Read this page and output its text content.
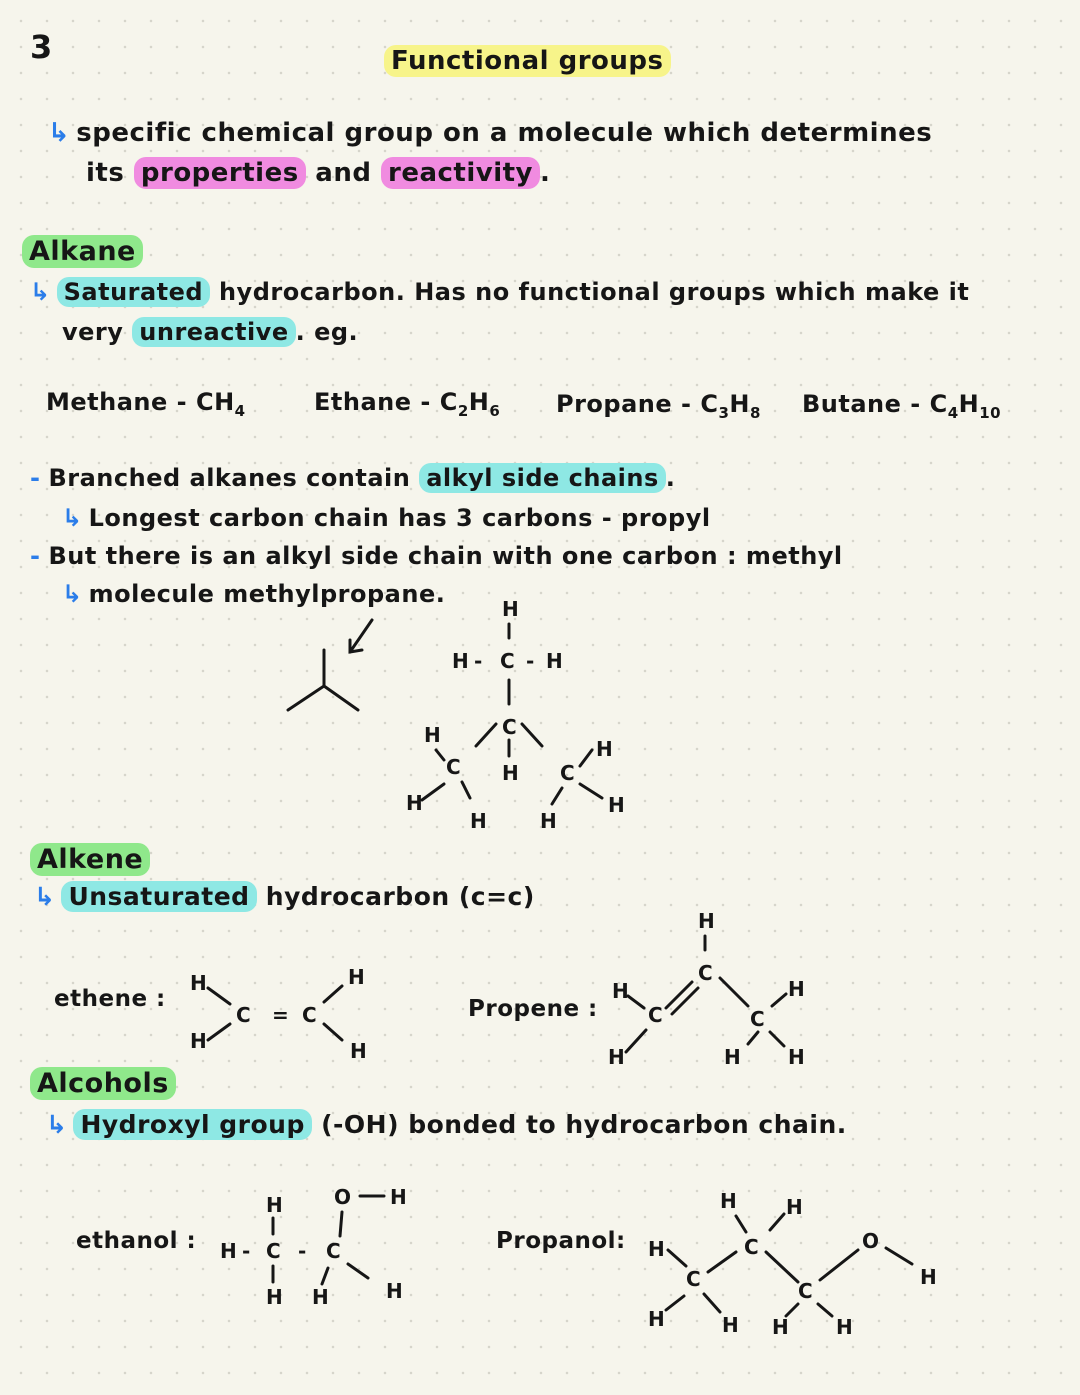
3	Functional groups
↳ specific chemical group on a molecule which determines
its properties and reactivity .
Alkane
↳ Saturated hydrocarbon. Has no functional groups which make it
very unreactive . eg.
Methane - $CH_4$	Ethane - $C_2H_6$ Propane - $C_3H_8$ Butane - $C_4H_{10}$
- Branched alkanes contain alkyl side chains .
↳ Longest carbon chain has 3 carbons - propyl
- But there is an alkyl side chain with one carbon : methyl
↳ molecule methylpropane.
H
H - C - H
C
H
C	C
H
H
H
H
H
H
Alkene
↳ Unsaturated hydrocarbon (c=c)
ethene :
H
H
C = C
H
H
Propene :
H
C
H
C
H
C
H
H H
Alcohols
↳ Hydroxyl group (-OH) bonded to hydrocarbon chain.
ethanol :
H
H - C -
H
O H
C
H	H
Propanol: H
C
H	H
H
C
H
C
H H
O
H
